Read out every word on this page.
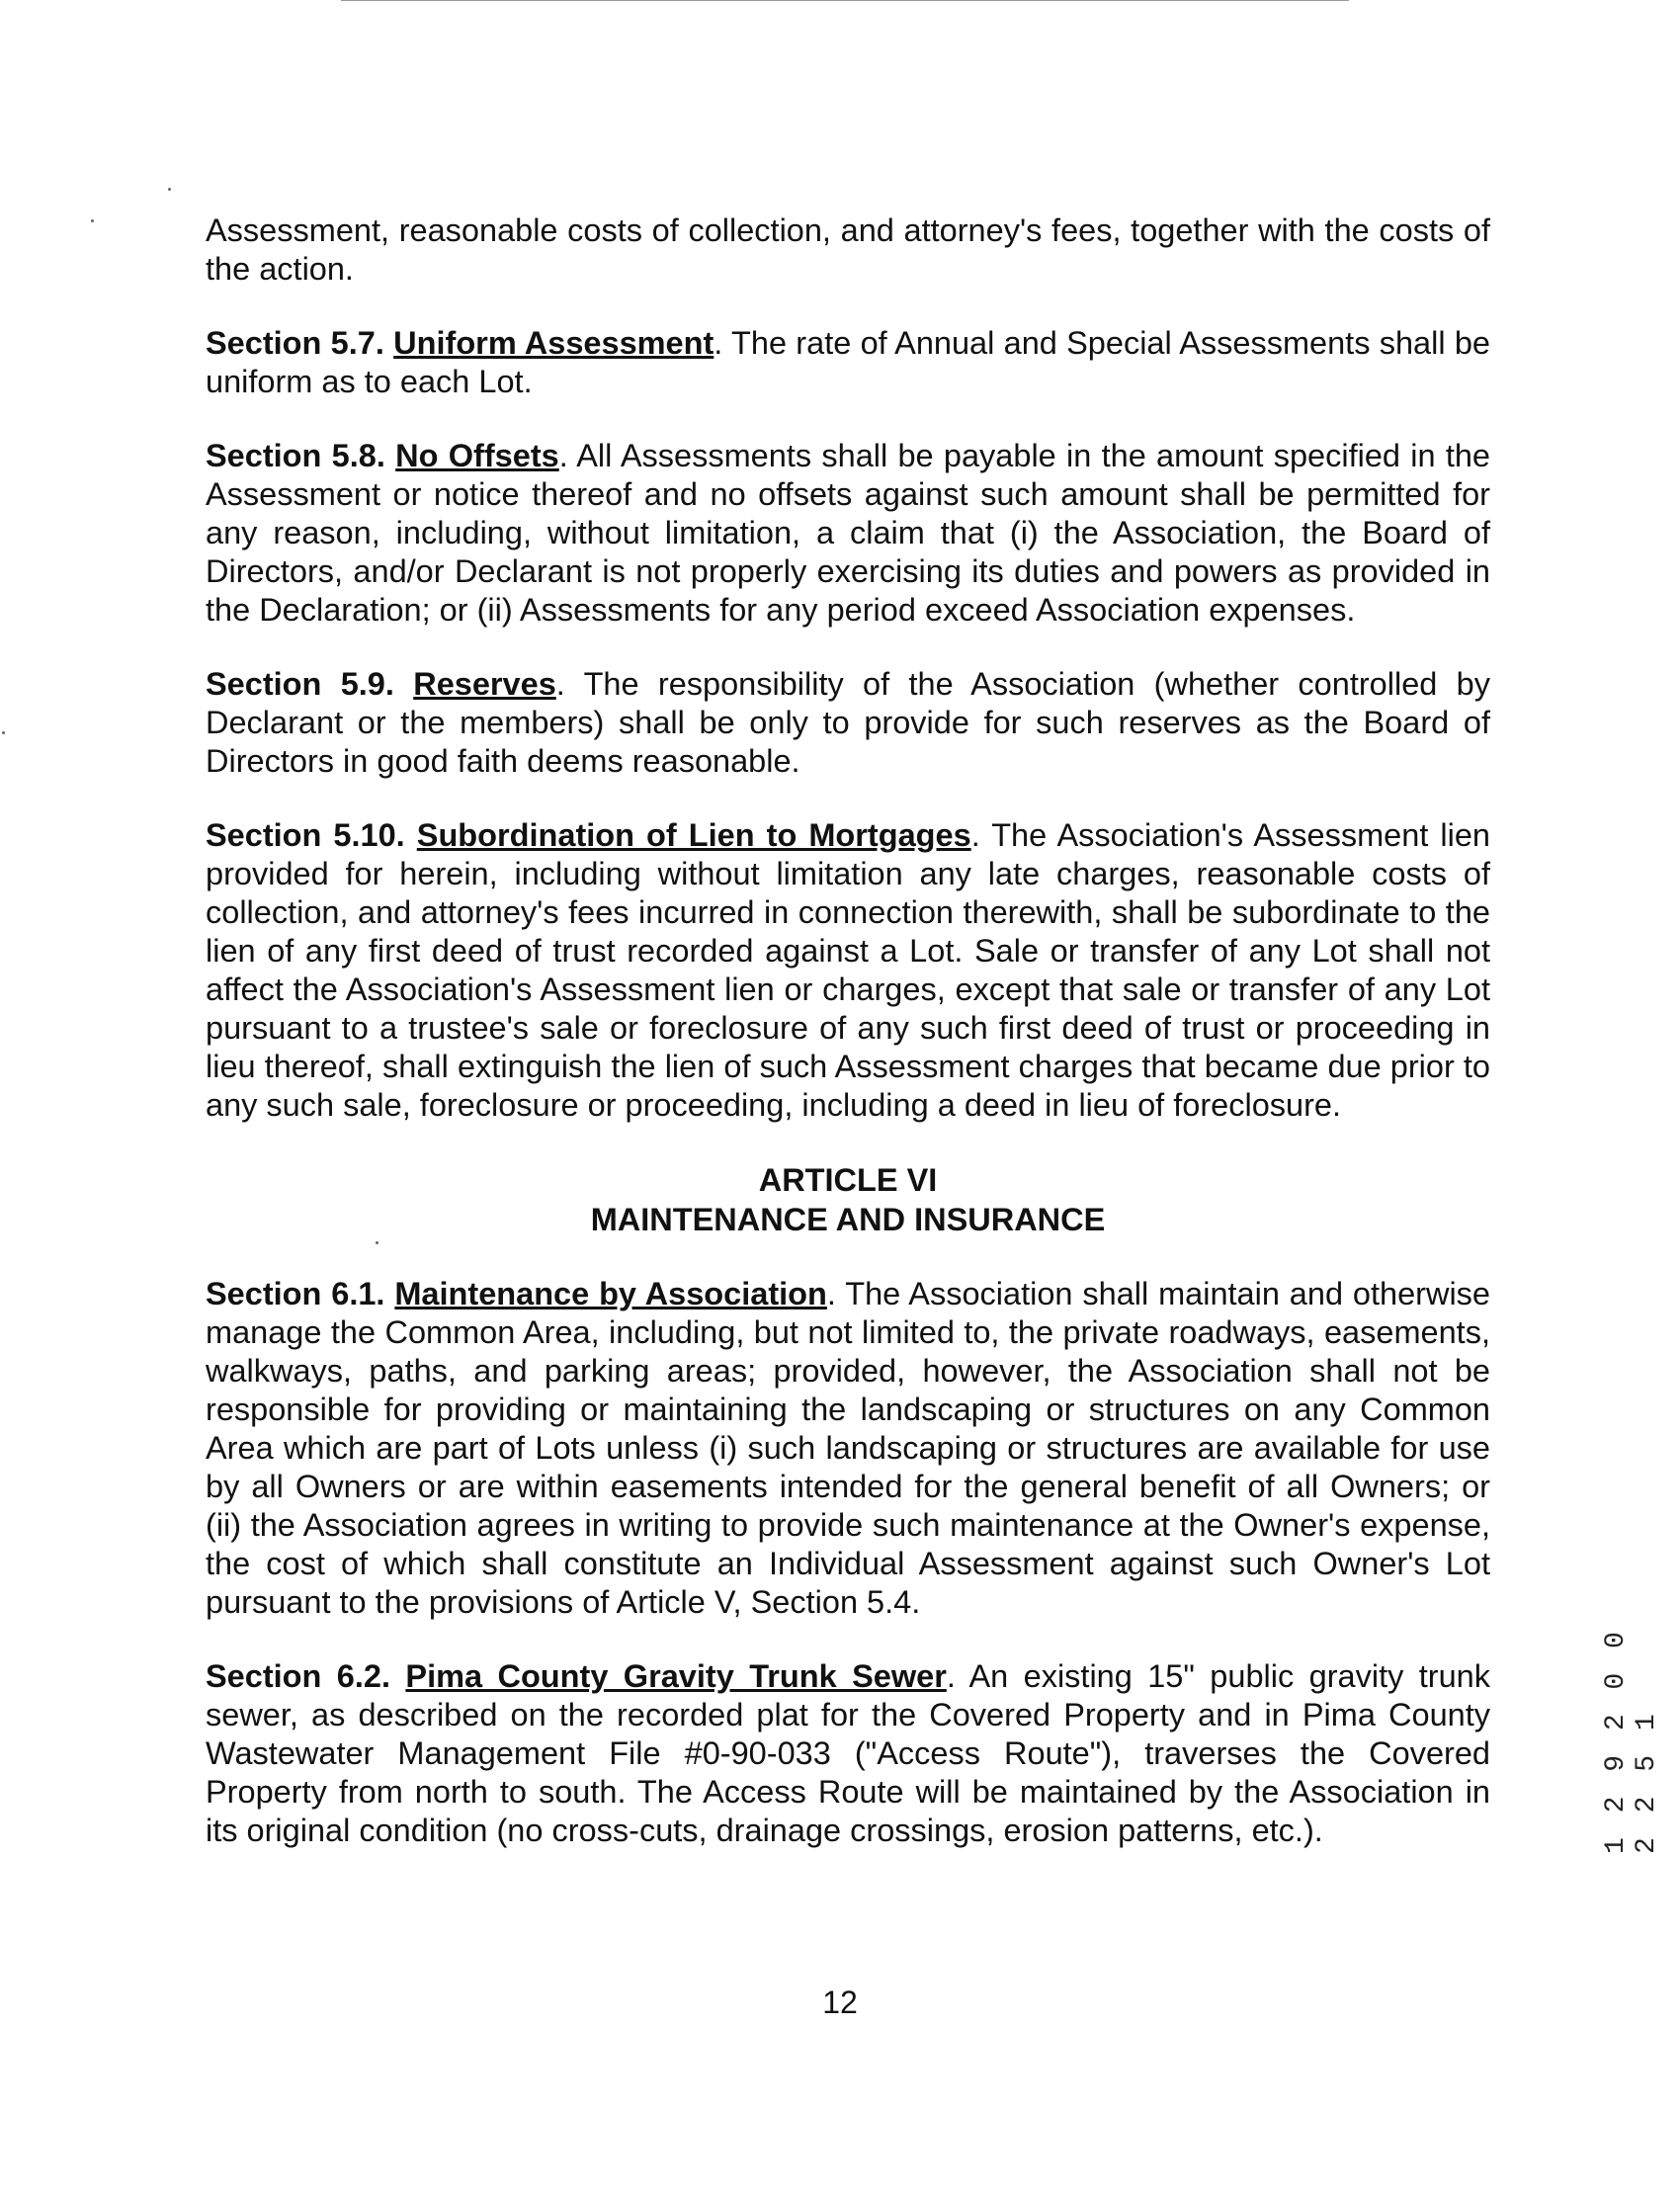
Assessment, reasonable costs of collection, and attorney's fees, together with the costs of the action.

Section 5.7. Uniform Assessment. The rate of Annual and Special Assessments shall be uniform as to each Lot.

Section 5.8. No Offsets. All Assessments shall be payable in the amount specified in the Assessment or notice thereof and no offsets against such amount shall be permitted for any reason, including, without limitation, a claim that (i) the Association, the Board of Directors, and/or Declarant is not properly exercising its duties and powers as provided in the Declaration; or (ii) Assessments for any period exceed Association expenses.

Section 5.9. Reserves. The responsibility of the Association (whether controlled by Declarant or the members) shall be only to provide for such reserves as the Board of Directors in good faith deems reasonable.

Section 5.10. Subordination of Lien to Mortgages. The Association's Assessment lien provided for herein, including without limitation any late charges, reasonable costs of collection, and attorney's fees incurred in connection therewith, shall be subordinate to the lien of any first deed of trust recorded against a Lot. Sale or transfer of any Lot shall not affect the Association's Assessment lien or charges, except that sale or transfer of any Lot pursuant to a trustee's sale or foreclosure of any such first deed of trust or proceeding in lieu thereof, shall extinguish the lien of such Assessment charges that became due prior to any such sale, foreclosure or proceeding, including a deed in lieu of foreclosure.

ARTICLE VI
MAINTENANCE AND INSURANCE

Section 6.1. Maintenance by Association. The Association shall maintain and otherwise manage the Common Area, including, but not limited to, the private roadways, easements, walkways, paths, and parking areas; provided, however, the Association shall not be responsible for providing or maintaining the landscaping or structures on any Common Area which are part of Lots unless (i) such landscaping or structures are available for use by all Owners or are within easements intended for the general benefit of all Owners; or (ii) the Association agrees in writing to provide such maintenance at the Owner's expense, the cost of which shall constitute an Individual Assessment against such Owner's Lot pursuant to the provisions of Article V, Section 5.4.

Section 6.2. Pima County Gravity Trunk Sewer. An existing 15" public gravity trunk sewer, as described on the recorded plat for the Covered Property and in Pima County Wastewater Management File #0-90-033 ("Access Route"), traverses the Covered Property from north to south. The Access Route will be maintained by the Association in its original condition (no cross-cuts, drainage crossings, erosion patterns, etc.).	1 2 9 2 0 0 2 2 5 1
12
